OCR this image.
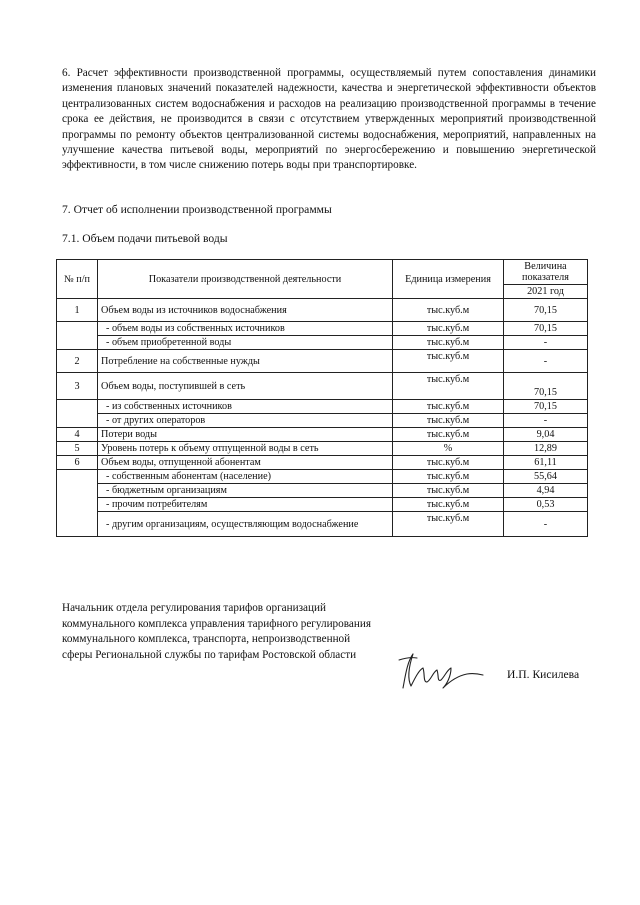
6. Расчет эффективности производственной программы, осуществляемый путем сопоставления динамики изменения плановых значений показателей надежности, качества и энергетической эффективности объектов централизованных систем водоснабжения и расходов на реализацию производственной программы в течение срока ее действия, не производится в связи с отсутствием утвержденных мероприятий производственной программы по ремонту объектов централизованной системы водоснабжения, мероприятий, направленных на улучшение качества питьевой воды, мероприятий по энергосбережению и повышению энергетической эффективности, в том числе снижению потерь воды при транспортировке.

7. Отчет об исполнении производственной программы
7.1. Объем подачи питьевой воды
№ п/п	Показатели производственной деятельности	Единица измерения	Величина показателя
			2021 год
1	Объем воды из источников водоснабжения	тыс.куб.м	70,15
	- объем воды из собственных источников	тыс.куб.м	70,15
	- объем приобретенной воды	тыс.куб.м	-
2	Потребление на собственные нужды	тыс.куб.м	-
3	Объем воды, поступившей в сеть	тыс.куб.м	70,15
	- из собственных источников	тыс.куб.м	70,15
	- от других операторов	тыс.куб.м	-
4	Потери воды	тыс.куб.м	9,04
5	Уровень потерь к объему отпущенной воды в сеть	%	12,89
6	Объем воды, отпущенной абонентам	тыс.куб.м	61,11
	- собственным абонентам (население)	тыс.куб.м	55,64
	- бюджетным организациям	тыс.куб.м	4,94
	- прочим потребителям	тыс.куб.м	0,53
	- другим организациям, осуществляющим водоснабжение	тыс.куб.м	-
Начальник отдела регулирования тарифов организаций коммунального комплекса управления тарифного регулирования коммунального комплекса, транспорта, непроизводственной сферы Региональной службы по тарифам Ростовской области
И.П. Кисилева
